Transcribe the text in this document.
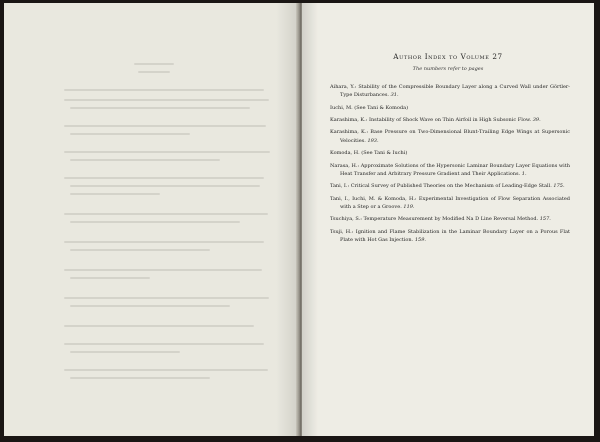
Author Index to Volume 27
The numbers refer to pages

Aihara, Y.: Stability of the Compressible Boundary Layer along a Curved Wall under Görtler-Type Disturbances. 31.

Iuchi, M. (See Tani & Komoda)

Karashima, K.: Instability of Shock Wave on Thin Airfoil in High Subsonic Flow. 39.

Karashima, K.: Base Pressure on Two-Dimensional Blunt-Trailing Edge Wings at Supersonic Velocities. 193.

Komoda, H. (See Tani & Iuchi)

Narasa, H.: Approximate Solutions of the Hypersonic Laminar Boundary Layer Equations with Heat Transfer and Arbitrary Pressure Gradient and Their Applications. 1.

Tani, I.: Critical Survey of Published Theories on the Mechanism of Leading-Edge Stall. 175.

Tani, I., Iuchi, M. & Komoda, H.: Experimental Investigation of Flow Separation Associated with a Step or a Groove. 119.

Tsuchiya, S.: Temperature Measurement by Modified Na D Line Reversal Method. 157.

Tsuji, H.: Ignition and Flame Stabilization in the Laminar Boundary Layer on a Porous Flat Plate with Hot Gas Injection. 159.
